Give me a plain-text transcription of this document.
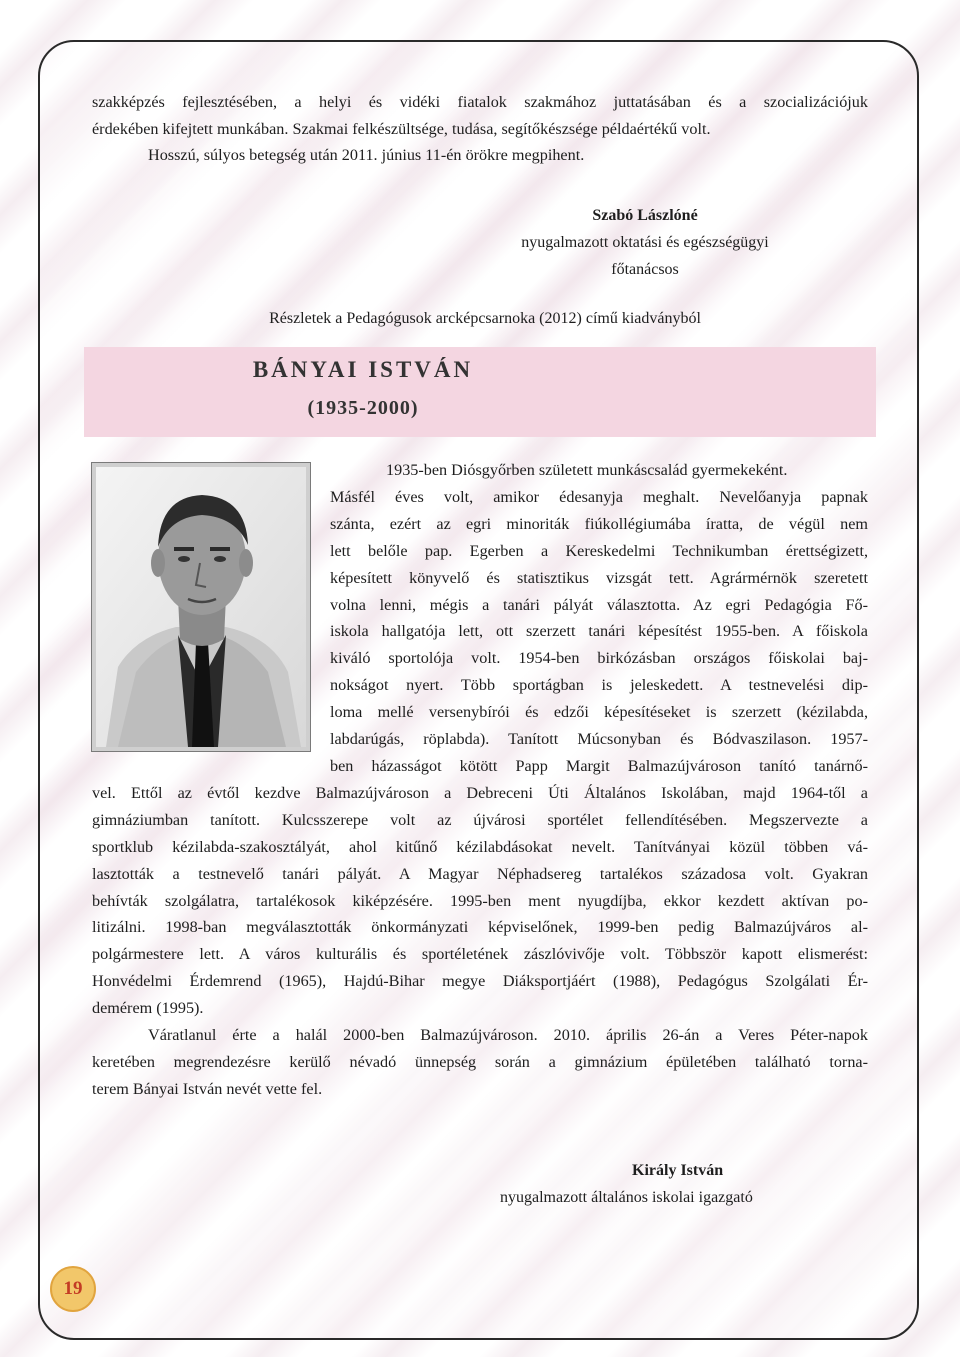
szakképzés fejlesztésében, a helyi és vidéki fiatalok szakmához juttatásában és a szocializációjuk
érdekében kifejtett munkában. Szakmai felkészültsége, tudása, segítőkészsége példaértékű volt.
Hosszú, súlyos betegség után 2011. június 11-én örökre megpihent.
Szabó Lászlóné
nyugalmazott oktatási és egészségügyi
főtanácsos
Részletek a Pedagógusok arcképcsarnoka (2012) című kiadványból
BÁNYAI ISTVÁN
(1935-2000)
1935-ben Diósgyőrben született munkáscsalád gyermekeként.
Másfél éves volt, amikor édesanyja meghalt. Nevelőanyja papnak
szánta, ezért az egri minoriták fiúkollégiumába íratta, de végül nem
lett belőle pap. Egerben a Kereskedelmi Technikumban érettségizett,
képesített könyvelő és statisztikus vizsgát tett. Agrármérnök szeretett
volna lenni, mégis a tanári pályát választotta. Az egri Pedagógia Fő-
iskola hallgatója lett, ott szerzett tanári képesítést 1955-ben. A főiskola
kiváló sportolója volt. 1954-ben birkózásban országos főiskolai baj-
nokságot nyert. Több sportágban is jeleskedett. A testnevelési dip-
loma mellé versenybírói és edzői képesítéseket is szerzett (kézilabda,
labdarúgás, röplabda). Tanított Múcsonyban és Bódvaszilason. 1957-
ben házasságot kötött Papp Margit Balmazújvároson tanító tanárnő-
vel. Ettől az évtől kezdve Balmazújvároson a Debreceni Úti Általános Iskolában, majd 1964-től a
gimnáziumban tanított. Kulcsszerepe volt az újvárosi sportélet fellendítésében. Megszervezte a
sportklub kézilabda-szakosztályát, ahol kitűnő kézilabdásokat nevelt. Tanítványai közül többen vá-
lasztották a testnevelő tanári pályát. A Magyar Néphadsereg tartalékos századosa volt. Gyakran
behívták szolgálatra, tartalékosok kiképzésére. 1995-ben ment nyugdíjba, ekkor kezdett aktívan po-
litizálni. 1998-ban megválasztották önkormányzati képviselőnek, 1999-ben pedig Balmazújváros al-
polgármestere lett. A város kulturális és sportéletének zászlóvivője volt. Többször kapott elismerést:
Honvédelmi Érdemrend (1965), Hajdú-Bihar megye Diáksportjáért (1988), Pedagógus Szolgálati Ér-
demérem (1995).
Váratlanul érte a halál 2000-ben Balmazújvároson. 2010. április 26-án a Veres Péter-napok
keretében megrendezésre kerülő névadó ünnepség során a gimnázium épületében található torna-
terem Bányai István nevét vette fel.
Király István
nyugalmazott általános iskolai igazgató
19
